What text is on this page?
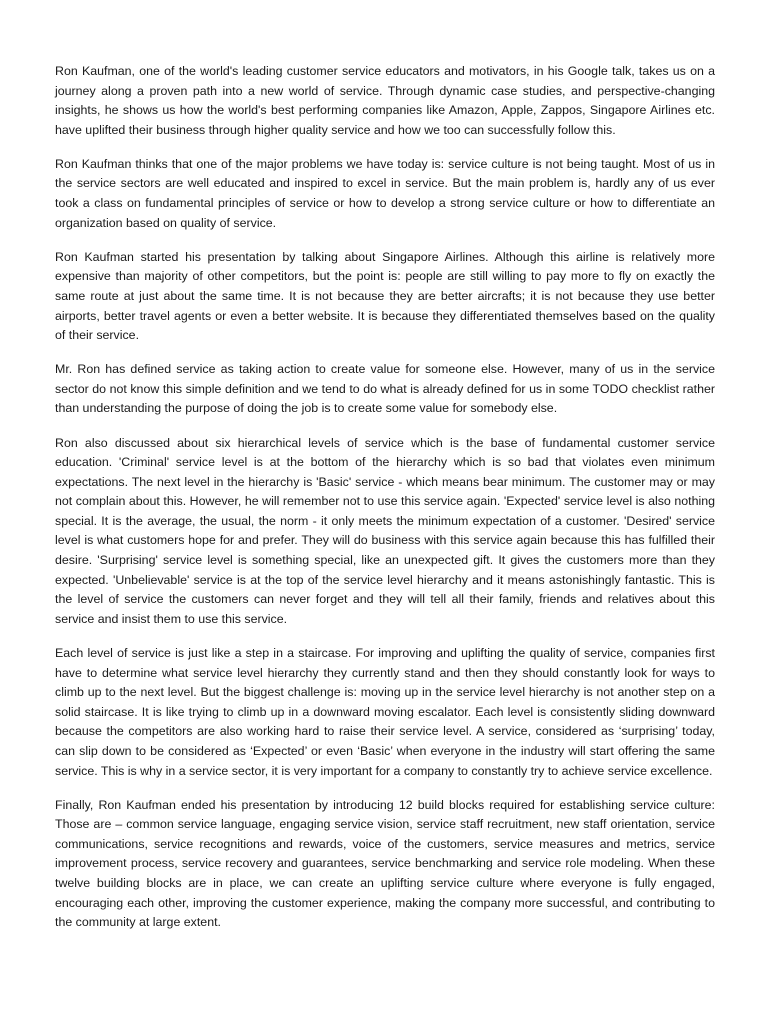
Ron Kaufman, one of the world's leading customer service educators and motivators, in his Google talk, takes us on a journey along a proven path into a new world of service. Through dynamic case studies, and perspective-changing insights, he shows us how the world's best performing companies like Amazon, Apple, Zappos, Singapore Airlines etc. have uplifted their business through higher quality service and how we too can successfully follow this.

Ron Kaufman thinks that one of the major problems we have today is: service culture is not being taught. Most of us in the service sectors are well educated and inspired to excel in service. But the main problem is, hardly any of us ever took a class on fundamental principles of service or how to develop a strong service culture or how to differentiate an organization based on quality of service.

Ron Kaufman started his presentation by talking about Singapore Airlines. Although this airline is relatively more expensive than majority of other competitors, but the point is: people are still willing to pay more to fly on exactly the same route at just about the same time. It is not because they are better aircrafts; it is not because they use better airports, better travel agents or even a better website. It is because they differentiated themselves based on the quality of their service.

Mr. Ron has defined service as taking action to create value for someone else. However, many of us in the service sector do not know this simple definition and we tend to do what is already defined for us in some TODO checklist rather than understanding the purpose of doing the job is to create some value for somebody else.

Ron also discussed about six hierarchical levels of service which is the base of fundamental customer service education. 'Criminal' service level is at the bottom of the hierarchy which is so bad that violates even minimum expectations. The next level in the hierarchy is 'Basic' service - which means bear minimum. The customer may or may not complain about this. However, he will remember not to use this service again. 'Expected' service level is also nothing special. It is the average, the usual, the norm - it only meets the minimum expectation of a customer. 'Desired' service level is what customers hope for and prefer. They will do business with this service again because this has fulfilled their desire. 'Surprising' service level is something special, like an unexpected gift. It gives the customers more than they expected. 'Unbelievable' service is at the top of the service level hierarchy and it means astonishingly fantastic. This is the level of service the customers can never forget and they will tell all their family, friends and relatives about this service and insist them to use this service.

Each level of service is just like a step in a staircase. For improving and uplifting the quality of service, companies first have to determine what service level hierarchy they currently stand and then they should constantly look for ways to climb up to the next level. But the biggest challenge is: moving up in the service level hierarchy is not another step on a solid staircase. It is like trying to climb up in a downward moving escalator. Each level is consistently sliding downward because the competitors are also working hard to raise their service level. A service, considered as ‘surprising’ today, can slip down to be considered as ‘Expected’ or even ‘Basic’ when everyone in the industry will start offering the same service. This is why in a service sector, it is very important for a company to constantly try to achieve service excellence.

Finally, Ron Kaufman ended his presentation by introducing 12 build blocks required for establishing service culture: Those are – common service language, engaging service vision, service staff recruitment, new staff orientation, service communications, service recognitions and rewards, voice of the customers, service measures and metrics, service improvement process, service recovery and guarantees, service benchmarking and service role modeling. When these twelve building blocks are in place, we can create an uplifting service culture where everyone is fully engaged, encouraging each other, improving the customer experience, making the company more successful, and contributing to the community at large extent.
